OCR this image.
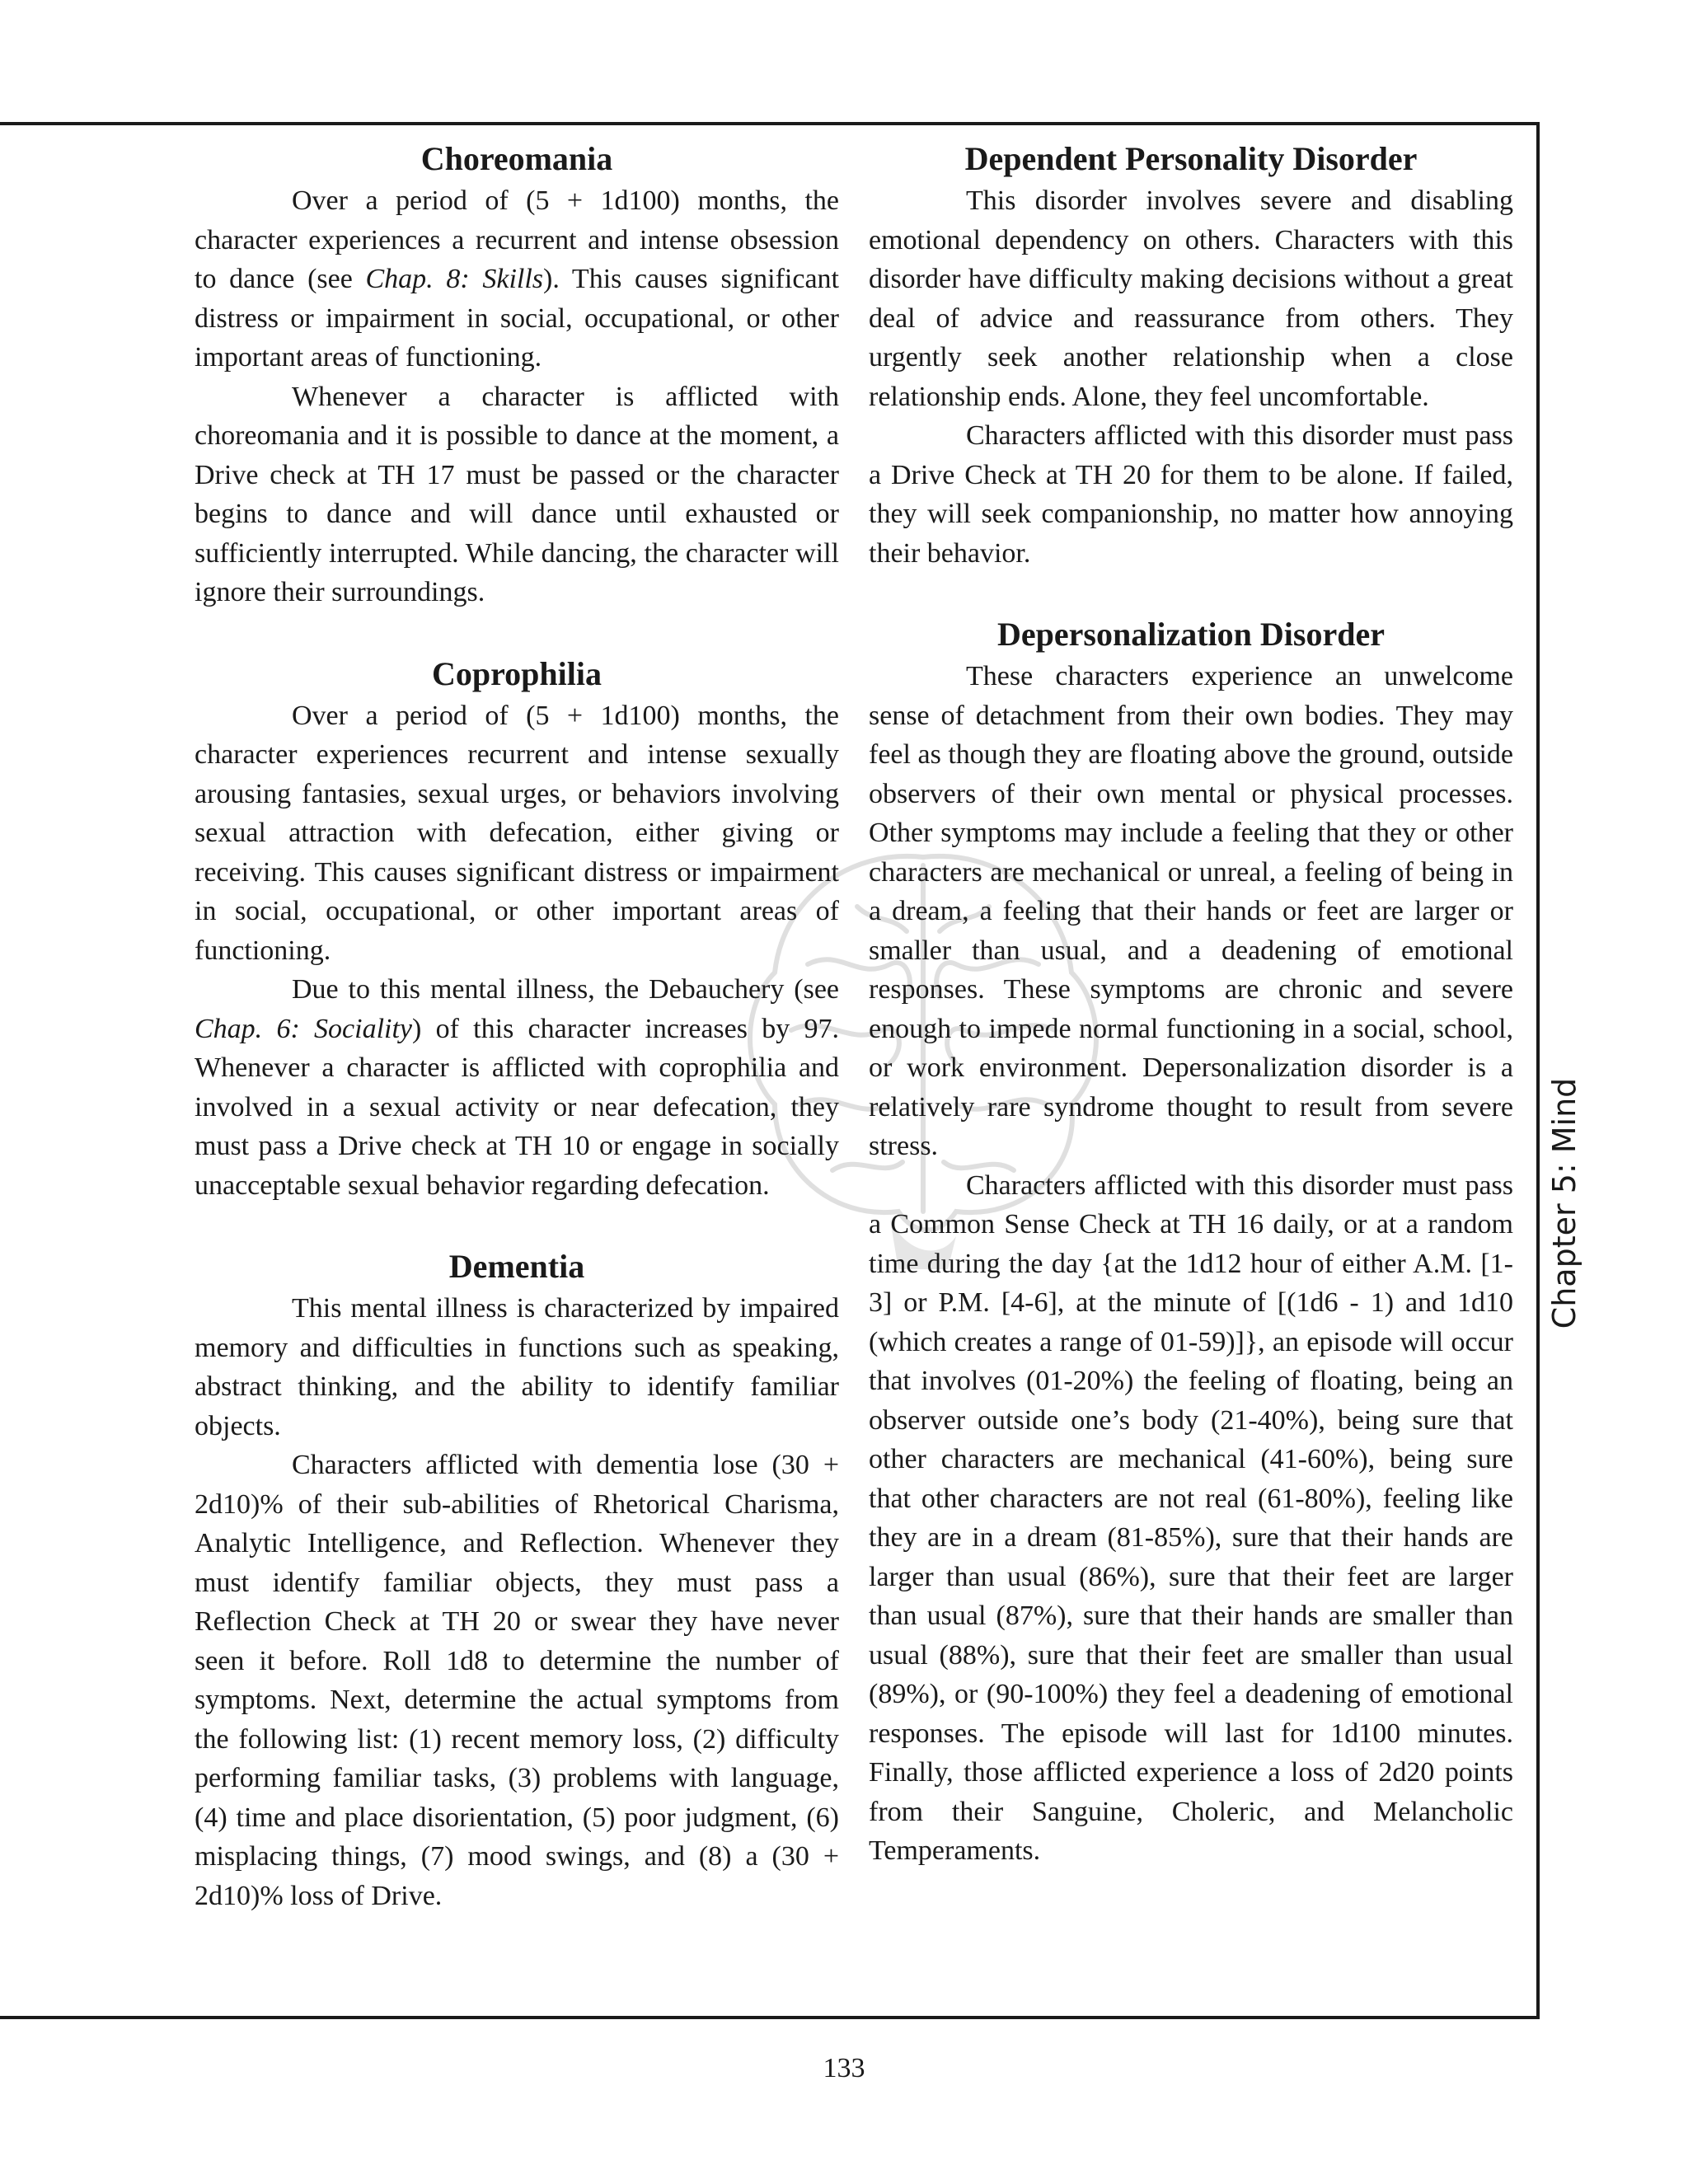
Choreomania

Over a period of (5 + 1d100) months, the character experiences a recurrent and intense obsession to dance (see Chap. 8: Skills). This causes significant distress or impairment in social, occupational, or other important areas of functioning.

Whenever a character is afflicted with choreomania and it is possible to dance at the moment, a Drive check at TH 17 must be passed or the character begins to dance and will dance until exhausted or sufficiently interrupted. While dancing, the character will ignore their surroundings.

Coprophilia

Over a period of (5 + 1d100) months, the character experiences recurrent and intense sexually arousing fantasies, sexual urges, or behaviors involving sexual attraction with defecation, either giving or receiving. This causes significant distress or impairment in social, occupational, or other important areas of functioning.

Due to this mental illness, the Debauchery (see Chap. 6: Sociality) of this character increases by 97. Whenever a character is afflicted with coprophilia and involved in a sexual activity or near defecation, they must pass a Drive check at TH 10 or engage in socially unacceptable sexual behavior regarding defecation.

Dementia

This mental illness is characterized by impaired memory and difficulties in functions such as speaking, abstract thinking, and the ability to identify familiar objects.

Characters afflicted with dementia lose (30 + 2d10)% of their sub-abilities of Rhetorical Charisma, Analytic Intelligence, and Reflection. Whenever they must identify familiar objects, they must pass a Reflection Check at TH 20 or swear they have never seen it before. Roll 1d8 to determine the number of symptoms. Next, determine the actual symptoms from the following list: (1) recent memory loss, (2) difficulty performing familiar tasks, (3) problems with language, (4) time and place disorientation, (5) poor judgment, (6) misplacing things, (7) mood swings, and (8) a (30 + 2d10)% loss of Drive.

Dependent Personality Disorder

This disorder involves severe and disabling emotional dependency on others. Characters with this disorder have difficulty making decisions without a great deal of advice and reassurance from others. They urgently seek another relationship when a close relationship ends. Alone, they feel uncomfortable.

Characters afflicted with this disorder must pass a Drive Check at TH 20 for them to be alone. If failed, they will seek companionship, no matter how annoying their behavior.

Depersonalization Disorder

These characters experience an unwelcome sense of detachment from their own bodies. They may feel as though they are floating above the ground, outside observers of their own mental or physical processes. Other symptoms may include a feeling that they or other characters are mechanical or unreal, a feeling of being in a dream, a feeling that their hands or feet are larger or smaller than usual, and a deadening of emotional responses. These symptoms are chronic and severe enough to impede normal functioning in a social, school, or work environment. Depersonalization disorder is a relatively rare syndrome thought to result from severe stress.

Characters afflicted with this disorder must pass a Common Sense Check at TH 16 daily, or at a random time during the day {at the 1d12 hour of either A.M. [1-3] or P.M. [4-6], at the minute of [(1d6 - 1) and 1d10 (which creates a range of 01-59)]}, an episode will occur that involves (01-20%) the feeling of floating, being an observer outside one’s body (21-40%), being sure that other characters are mechanical (41-60%), being sure that other characters are not real (61-80%), feeling like they are in a dream (81-85%), sure that their hands are larger than usual (86%), sure that their feet are larger than usual (87%), sure that their hands are smaller than usual (88%), sure that their feet are smaller than usual (89%), or (90-100%) they feel a deadening of emotional responses. The episode will last for 1d100 minutes. Finally, those afflicted experience a loss of 2d20 points from their Sanguine, Choleric, and Melancholic Temperaments.

Chapter 5: Mind
133
